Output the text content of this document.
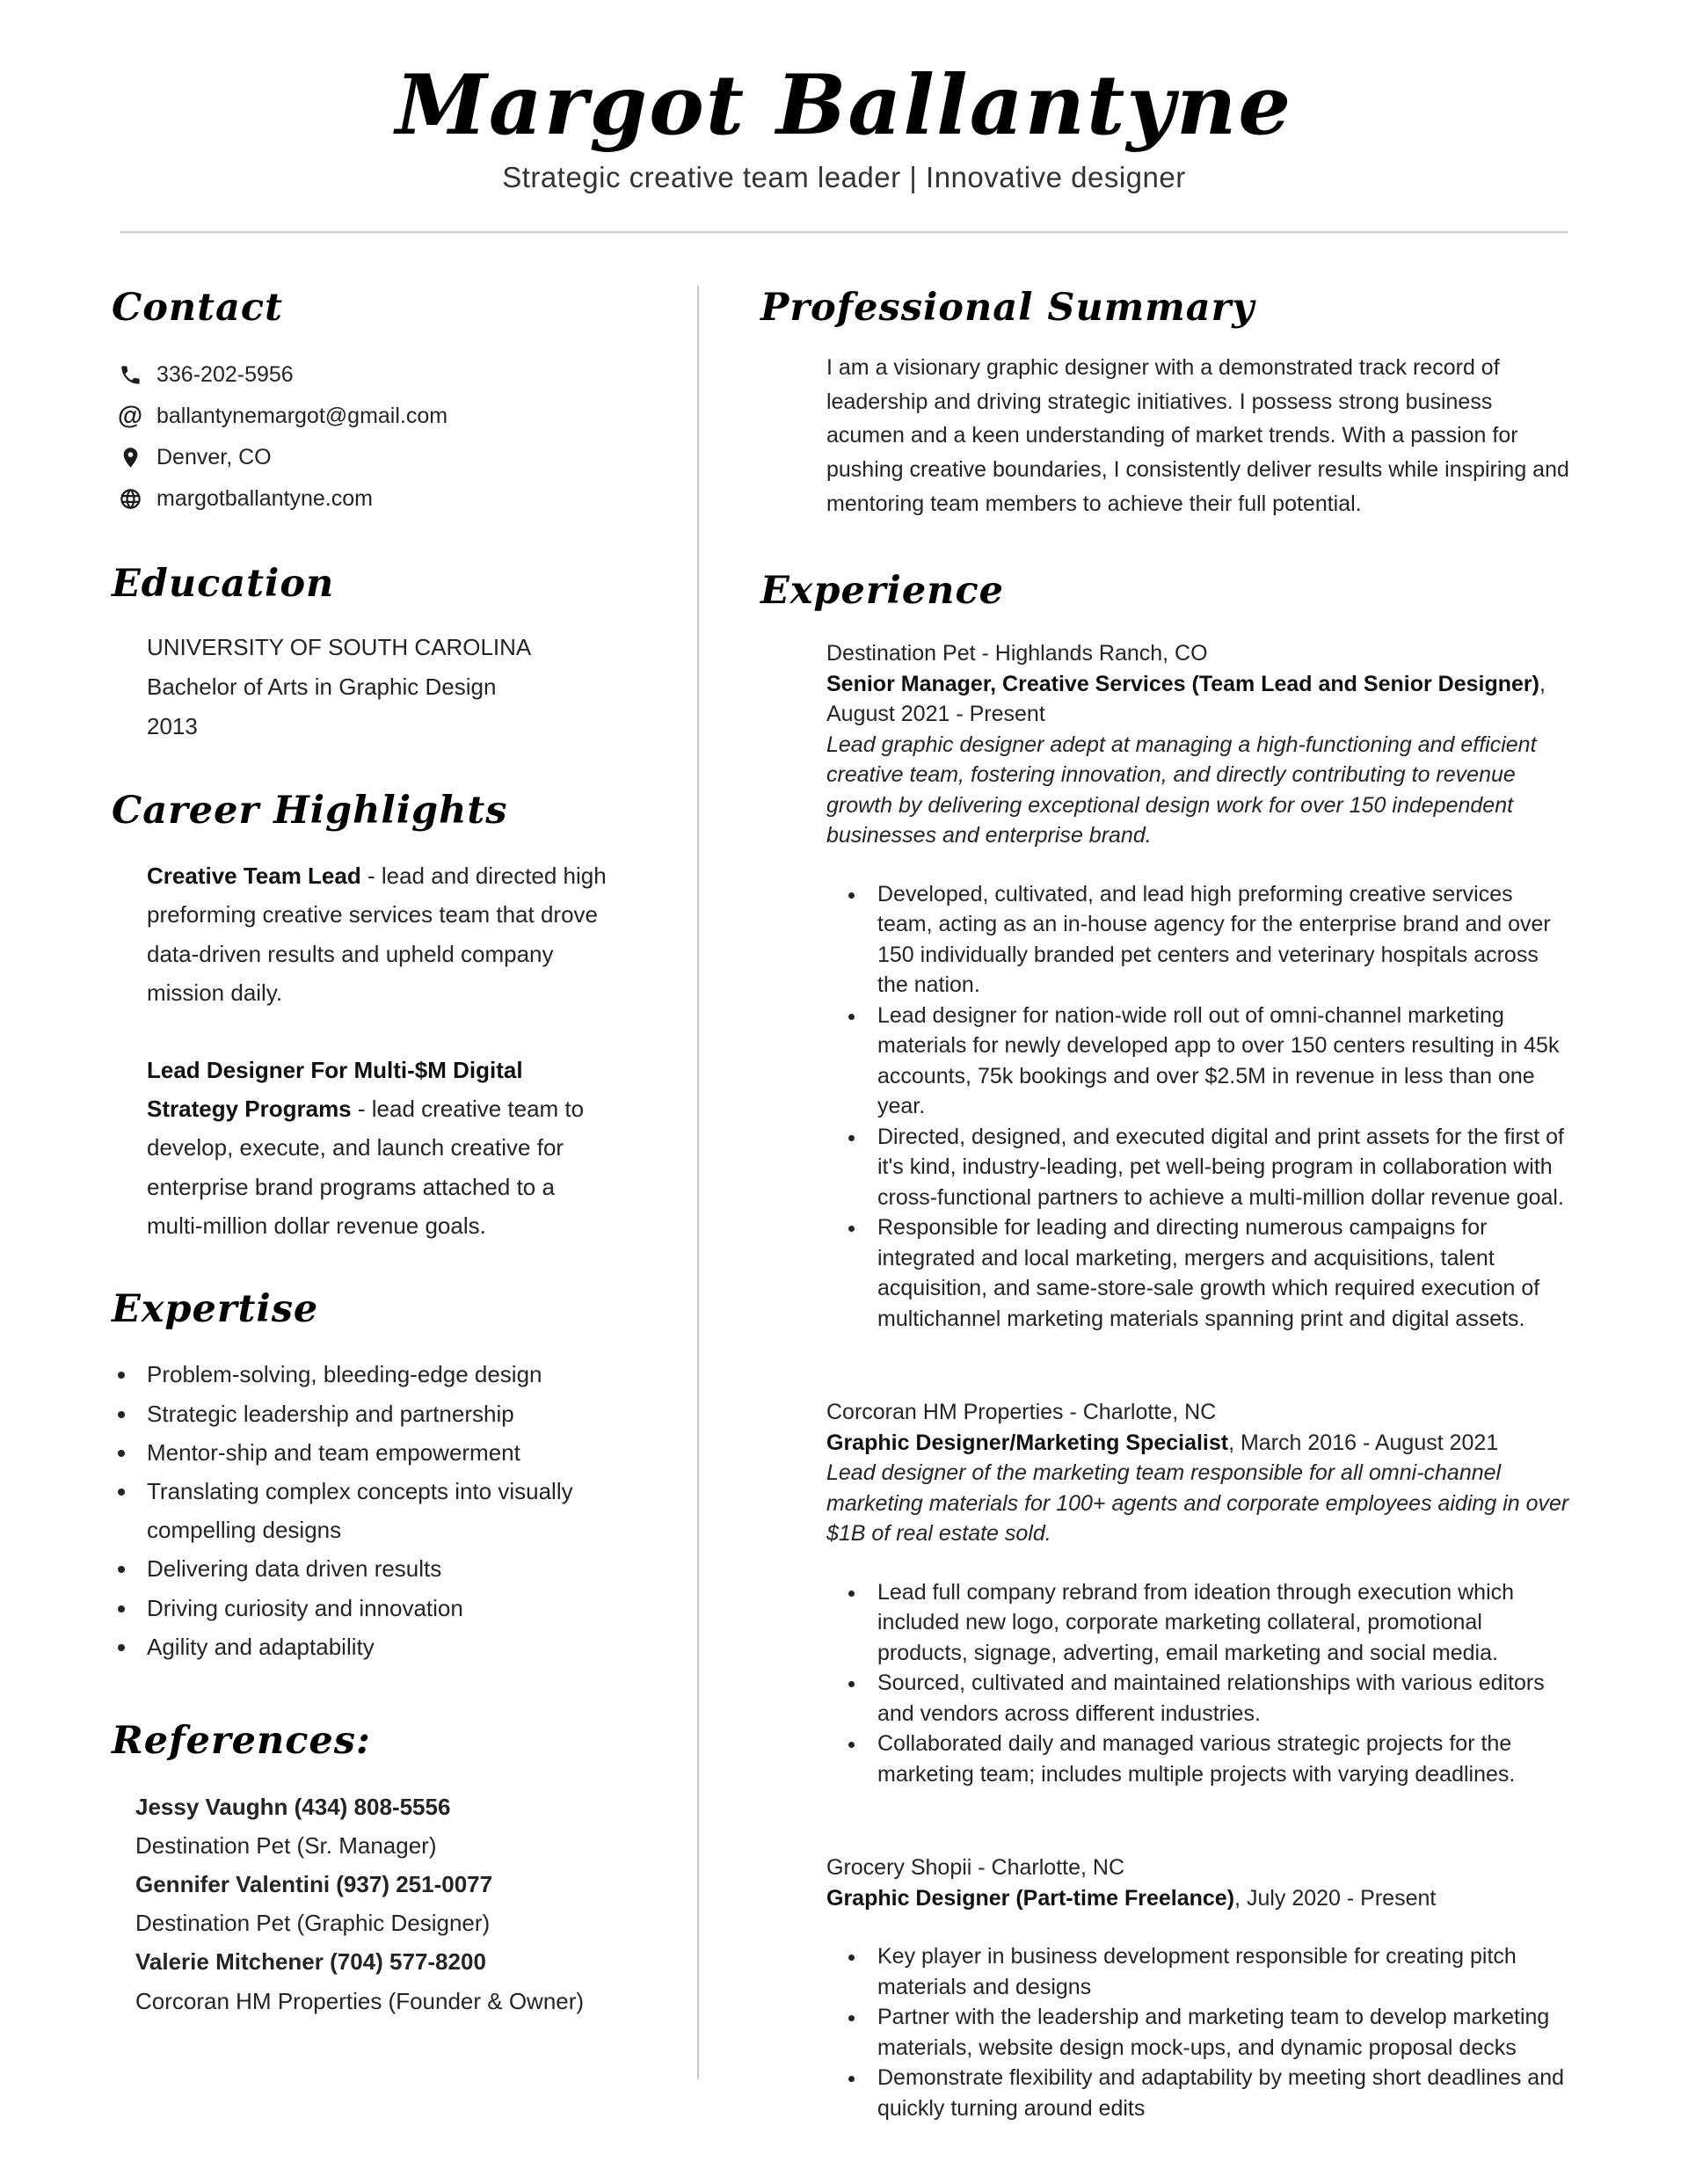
Margot Ballantyne

Strategic creative team leader | Innovative designer

Contact
336-202-5956
@ ballantynemargot@gmail.com
Denver, CO
margotballantyne.com
Education

UNIVERSITY OF SOUTH CAROLINA

Bachelor of Arts in Graphic Design

2013

Career Highlights

Creative Team Lead - lead and directed high preforming creative services team that drove data-driven results and upheld company mission daily.

Lead Designer For Multi-$M Digital Strategy Programs - lead creative team to develop, execute, and launch creative for enterprise brand programs attached to a multi-million dollar revenue goals.

Expertise
• Problem-solving, bleeding-edge design
• Strategic leadership and partnership
• Mentor-ship and team empowerment
• Translating complex concepts into visually compelling designs
• Delivering data driven results
• Driving curiosity and innovation
• Agility and adaptability
References:

Jessy Vaughn (434) 808-5556

Destination Pet (Sr. Manager)

Gennifer Valentini (937) 251-0077

Destination Pet (Graphic Designer)

Valerie Mitchener (704) 577-8200

Corcoran HM Properties (Founder & Owner)

Professional Summary

I am a visionary graphic designer with a demonstrated track record of leadership and driving strategic initiatives. I possess strong business acumen and a keen understanding of market trends. With a passion for pushing creative boundaries, I consistently deliver results while inspiring and mentoring team members to achieve their full potential.

Experience

Destination Pet - Highlands Ranch, CO

Senior Manager, Creative Services (Team Lead and Senior Designer),

August 2021 - Present

Lead graphic designer adept at managing a high-functioning and efficient creative team, fostering innovation, and directly contributing to revenue growth by delivering exceptional design work for over 150 independent businesses and enterprise brand.

• Developed, cultivated, and lead high preforming creative services team, acting as an in-house agency for the enterprise brand and over 150 individually branded pet centers and veterinary hospitals across the nation.
• Lead designer for nation-wide roll out of omni-channel marketing materials for newly developed app to over 150 centers resulting in 45k accounts, 75k bookings and over $2.5M in revenue in less than one year.
• Directed, designed, and executed digital and print assets for the first of it's kind, industry-leading, pet well-being program in collaboration with cross-functional partners to achieve a multi-million dollar revenue goal.
• Responsible for leading and directing numerous campaigns for integrated and local marketing, mergers and acquisitions, talent acquisition, and same-store-sale growth which required execution of multichannel marketing materials spanning print and digital assets.

Corcoran HM Properties - Charlotte, NC

Graphic Designer/Marketing Specialist, March 2016 - August 2021

Lead designer of the marketing team responsible for all omni-channel marketing materials for 100+ agents and corporate employees aiding in over $1B of real estate sold.

• Lead full company rebrand from ideation through execution which included new logo, corporate marketing collateral, promotional products, signage, adverting, email marketing and social media.
• Sourced, cultivated and maintained relationships with various editors and vendors across different industries.
• Collaborated daily and managed various strategic projects for the marketing team; includes multiple projects with varying deadlines.

Grocery Shopii - Charlotte, NC

Graphic Designer (Part-time Freelance), July 2020 - Present

• Key player in business development responsible for creating pitch materials and designs
• Partner with the leadership and marketing team to develop marketing materials, website design mock-ups, and dynamic proposal decks
• Demonstrate flexibility and adaptability by meeting short deadlines and quickly turning around edits
